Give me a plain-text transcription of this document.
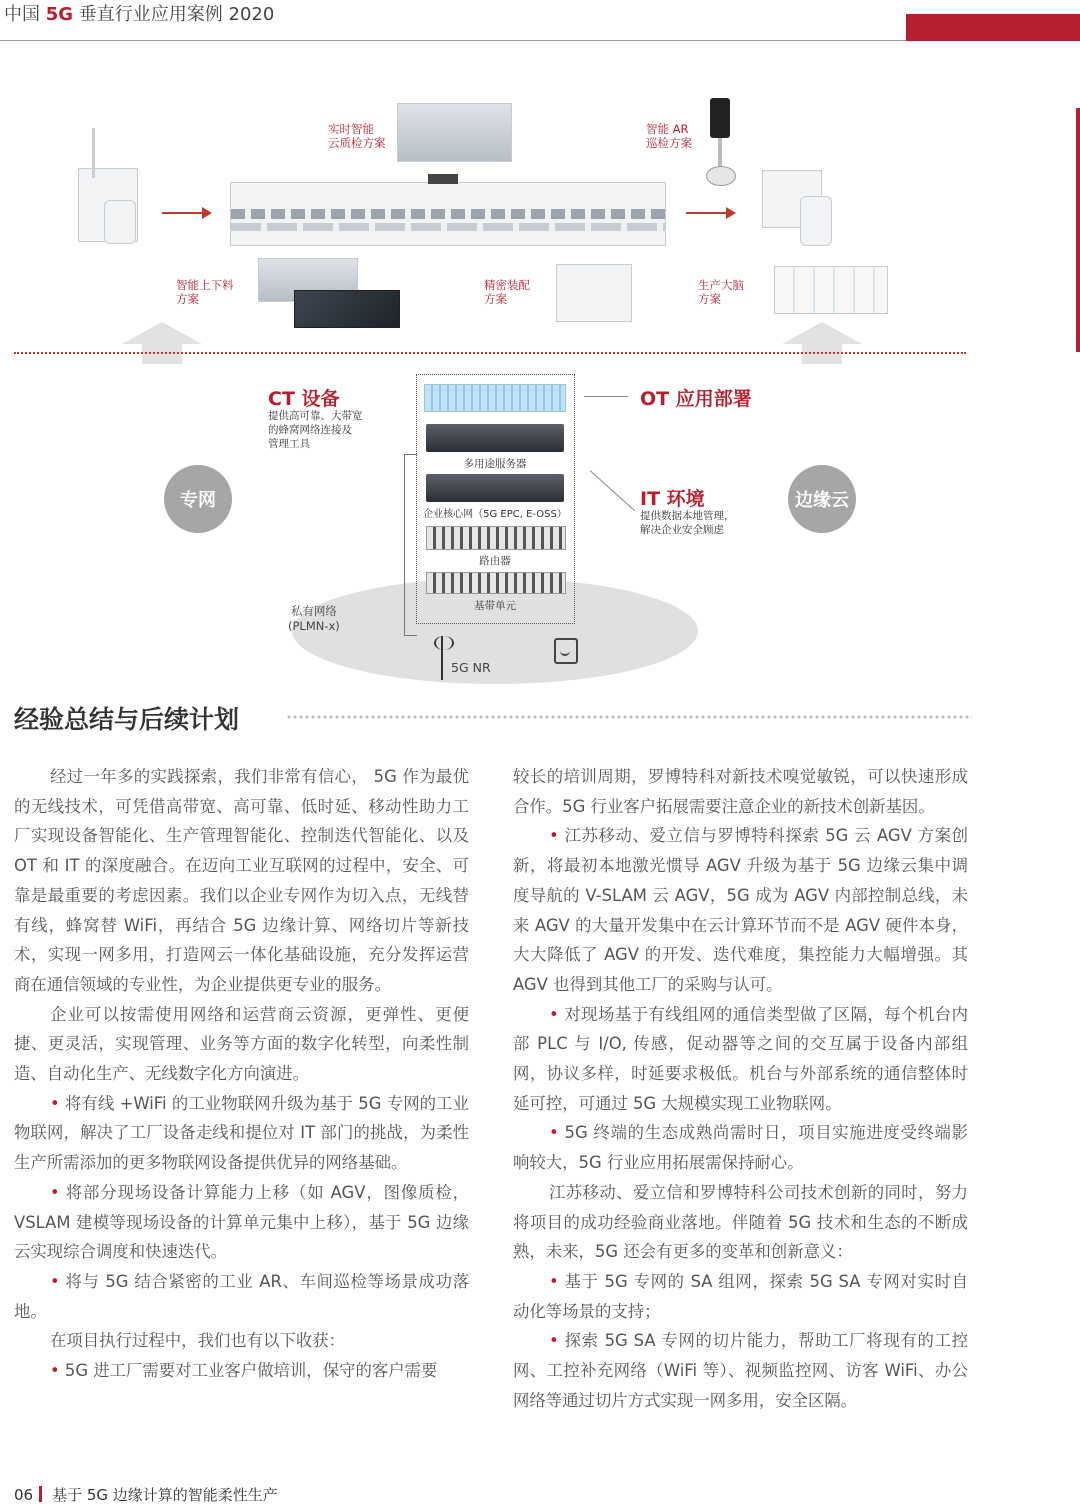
中国 5G 垂直行业应用案例 2020
实时智能
云质检方案
智能 AR
巡检方案
智能上下料
方案
精密装配
方案
生产大脑
方案
多用途服务器
企业核心网（5G EPC, E-OSS）
路由器
基带单元
CT 设备
提供高可靠、大带宽
的蜂窝网络连接及
管理工具
OT 应用部署
IT 环境
提供数据本地管理，
解决企业安全顾虑
专网	边缘云
私有网络
(PLMN-x)
5G NR
经验总结与后续计划

经过一年多的实践探索，我们非常有信心， 5G 作为最优的无线技术，可凭借高带宽、高可靠、低时延、移动性助力工厂实现设备智能化、生产管理智能化、控制迭代智能化、以及 OT 和 IT 的深度融合。在迈向工业互联网的过程中，安全、可靠是最重要的考虑因素。我们以企业专网作为切入点，无线替有线，蜂窝替 WiFi，再结合 5G 边缘计算、网络切片等新技术，实现一网多用，打造网云一体化基础设施，充分发挥运营商在通信领域的专业性，为企业提供更专业的服务。

企业可以按需使用网络和运营商云资源，更弹性、更便捷、更灵活，实现管理、业务等方面的数字化转型，向柔性制造、自动化生产、无线数字化方向演进。

• 将有线 +WiFi 的工业物联网升级为基于 5G 专网的工业物联网，解决了工厂设备走线和提位对 IT 部门的挑战，为柔性生产所需添加的更多物联网设备提供优异的网络基础。

• 将部分现场设备计算能力上移（如 AGV，图像质检，VSLAM 建模等现场设备的计算单元集中上移），基于 5G 边缘云实现综合调度和快速迭代。

• 将与 5G 结合紧密的工业 AR、车间巡检等场景成功落地。

在项目执行过程中，我们也有以下收获：

• 5G 进工厂需要对工业客户做培训，保守的客户需要

较长的培训周期，罗博特科对新技术嗅觉敏锐，可以快速形成合作。5G 行业客户拓展需要注意企业的新技术创新基因。

• 江苏移动、爱立信与罗博特科探索 5G 云 AGV 方案创新，将最初本地激光惯导 AGV 升级为基于 5G 边缘云集中调度导航的 V-SLAM 云 AGV，5G 成为 AGV 内部控制总线，未来 AGV 的大量开发集中在云计算环节而不是 AGV 硬件本身，大大降低了 AGV 的开发、迭代难度，集控能力大幅增强。其 AGV 也得到其他工厂的采购与认可。

• 对现场基于有线组网的通信类型做了区隔，每个机台内部 PLC 与 I/O, 传感，促动器等之间的交互属于设备内部组网，协议多样，时延要求极低。机台与外部系统的通信整体时延可控，可通过 5G 大规模实现工业物联网。

• 5G 终端的生态成熟尚需时日，项目实施进度受终端影响较大，5G 行业应用拓展需保持耐心。

江苏移动、爱立信和罗博特科公司技术创新的同时，努力将项目的成功经验商业落地。伴随着 5G 技术和生态的不断成熟，未来，5G 还会有更多的变革和创新意义：

• 基于 5G 专网的 SA 组网，探索 5G SA 专网对实时自动化等场景的支持；

• 探索 5G SA 专网的切片能力，帮助工厂将现有的工控网、工控补充网络（WiFi 等）、视频监控网、访客 WiFi、办公网络等通过切片方式实现一网多用，安全区隔。

06 基于 5G 边缘计算的智能柔性生产
